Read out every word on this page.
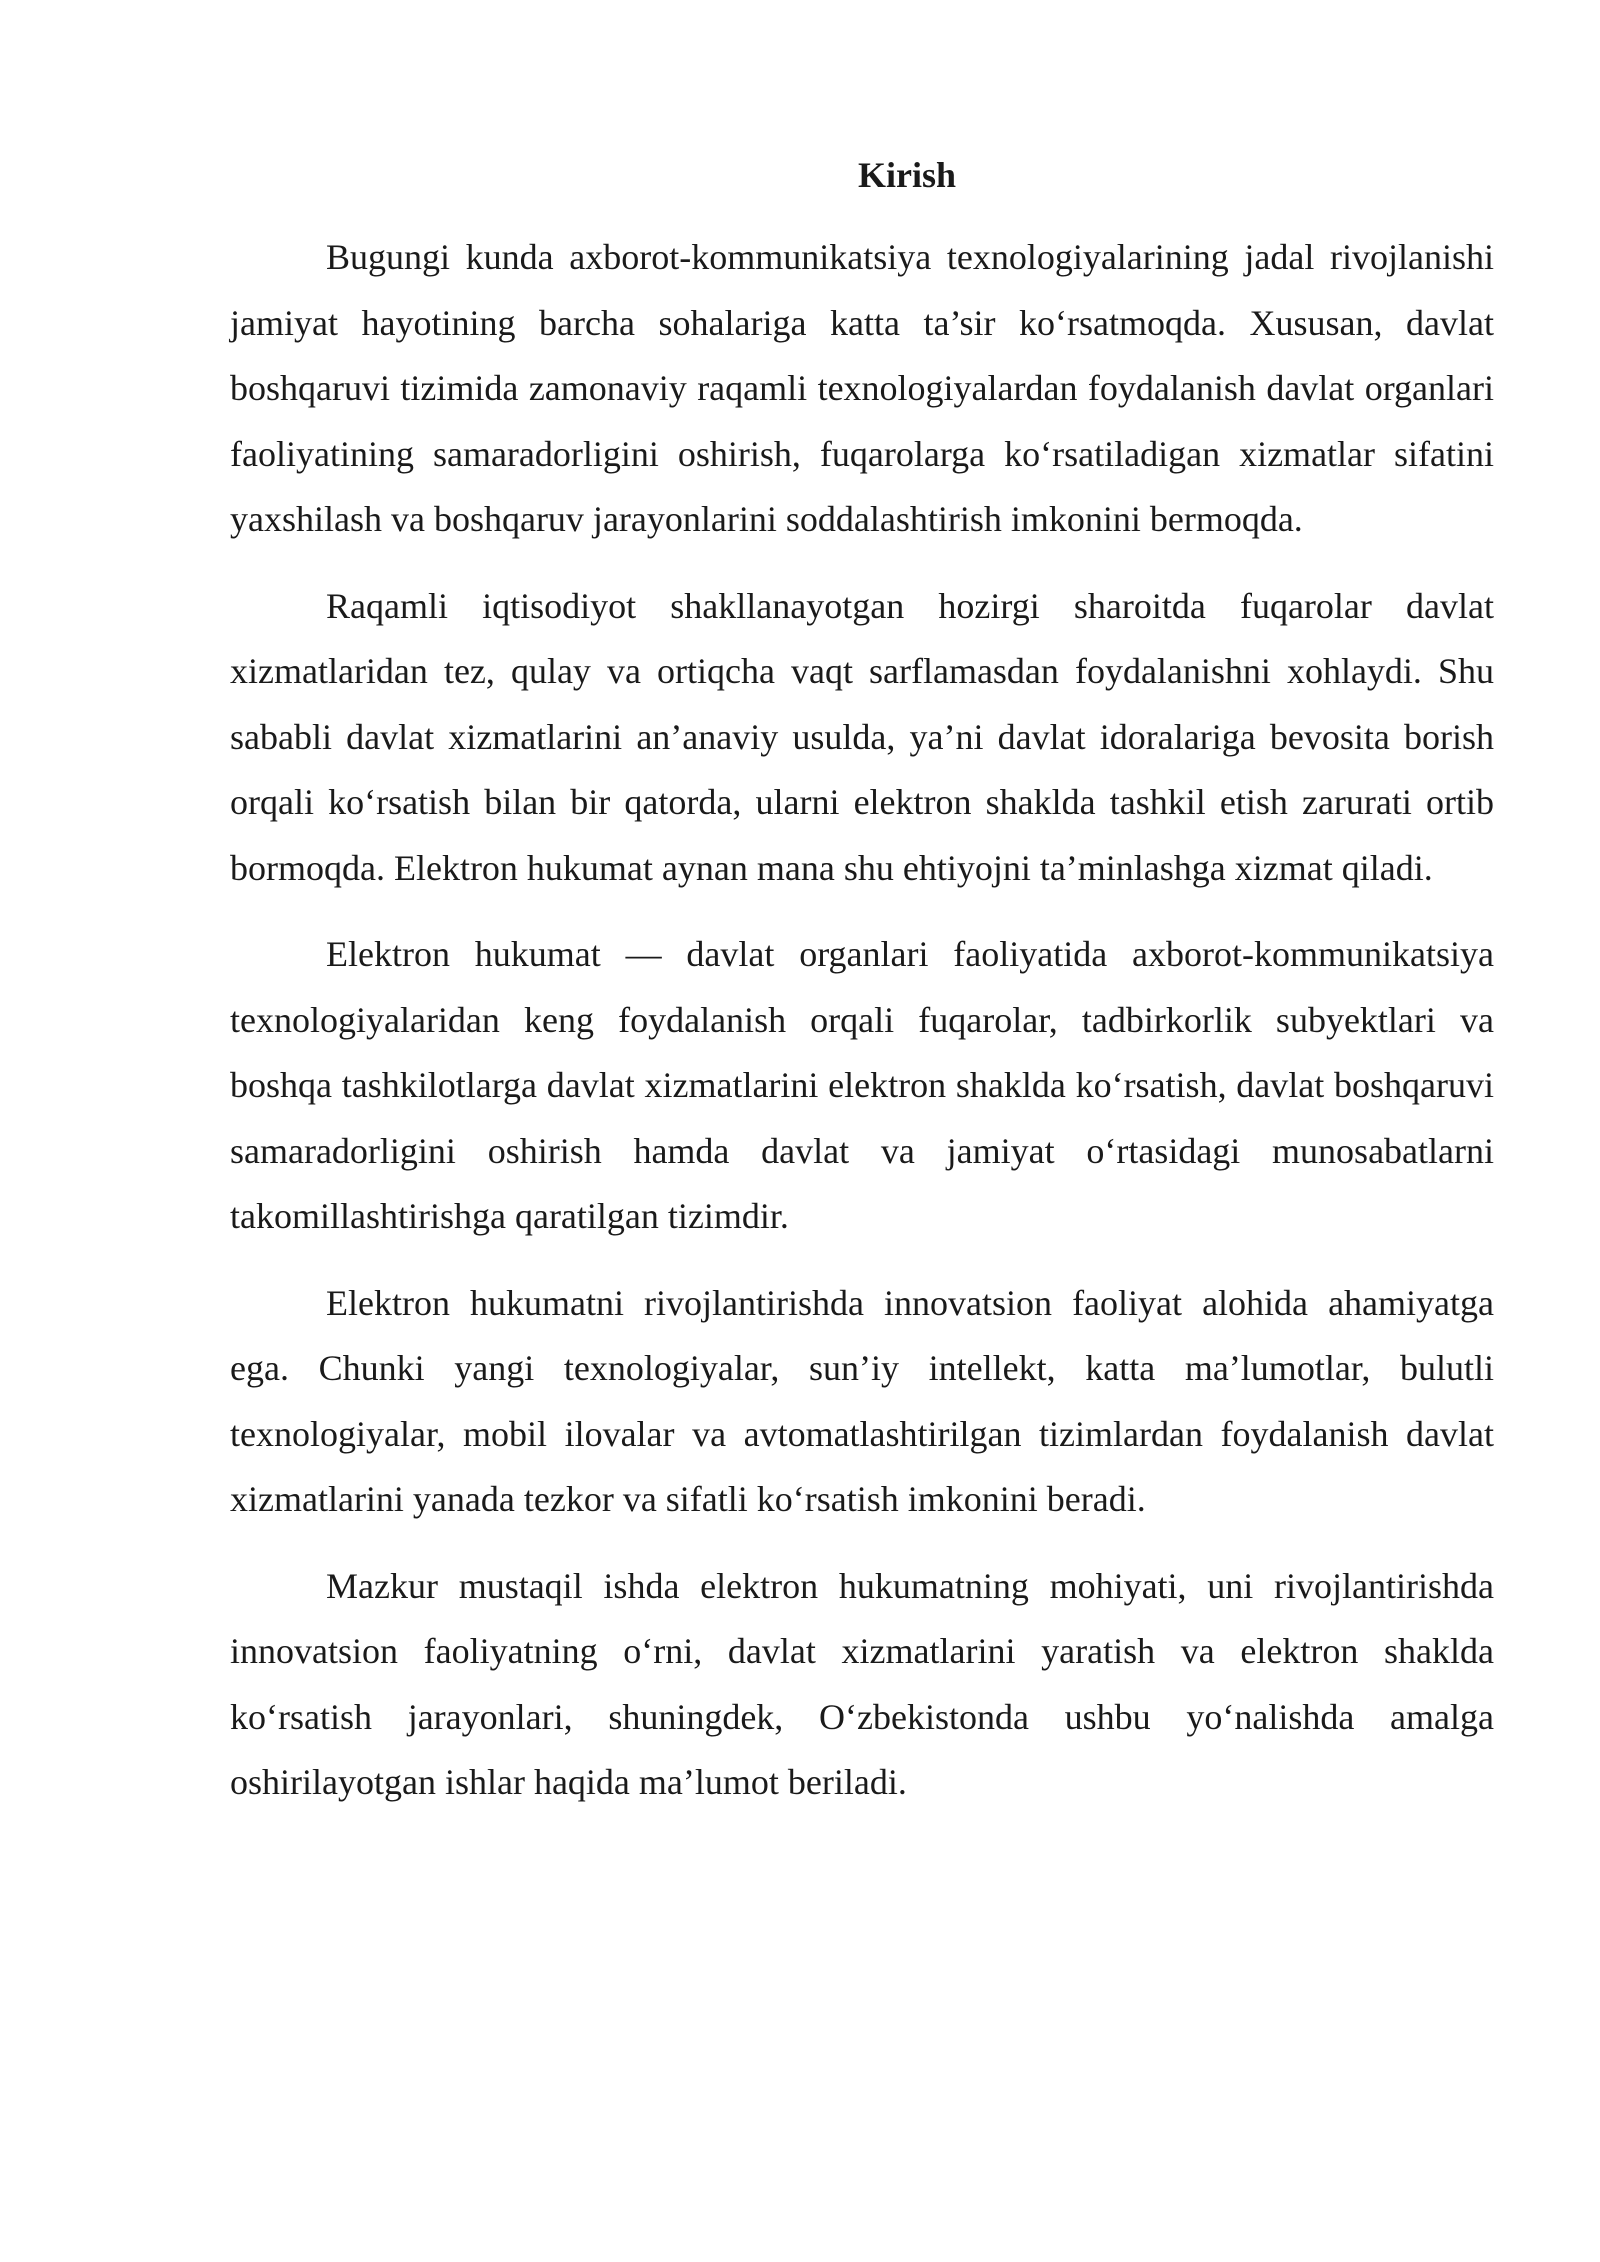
Kirish

Bugungi kunda axborot-kommunikatsiya texnologiyalarining jadal rivojlanishi jamiyat hayotining barcha sohalariga katta ta’sir ko‘rsatmoqda. Xususan, davlat boshqaruvi tizimida zamonaviy raqamli texnologiyalardan foydalanish davlat organlari faoliyatining samaradorligini oshirish, fuqarolarga ko‘rsatiladigan xizmatlar sifatini yaxshilash va boshqaruv jarayonlarini soddalashtirish imkonini bermoqda.

Raqamli iqtisodiyot shakllanayotgan hozirgi sharoitda fuqarolar davlat xizmatlaridan tez, qulay va ortiqcha vaqt sarflamasdan foydalanishni xohlaydi. Shu sababli davlat xizmatlarini an’anaviy usulda, ya’ni davlat idoralariga bevosita borish orqali ko‘rsatish bilan bir qatorda, ularni elektron shaklda tashkil etish zarurati ortib bormoqda. Elektron hukumat aynan mana shu ehtiyojni ta’minlashga xizmat qiladi.

Elektron hukumat — davlat organlari faoliyatida axborot-kommunikatsiya texnologiyalaridan keng foydalanish orqali fuqarolar, tadbirkorlik subyektlari va boshqa tashkilotlarga davlat xizmatlarini elektron shaklda ko‘rsatish, davlat boshqaruvi samaradorligini oshirish hamda davlat va jamiyat o‘rtasidagi munosabatlarni takomillashtirishga qaratilgan tizimdir.

Elektron hukumatni rivojlantirishda innovatsion faoliyat alohida ahamiyatga ega. Chunki yangi texnologiyalar, sun’iy intellekt, katta ma’lumotlar, bulutli texnologiyalar, mobil ilovalar va avtomatlashtirilgan tizimlardan foydalanish davlat xizmatlarini yanada tezkor va sifatli ko‘rsatish imkonini beradi.

Mazkur mustaqil ishda elektron hukumatning mohiyati, uni rivojlantirishda innovatsion faoliyatning o‘rni, davlat xizmatlarini yaratish va elektron shaklda ko‘rsatish jarayonlari, shuningdek, O‘zbekistonda ushbu yo‘nalishda amalga oshirilayotgan ishlar haqida ma’lumot beriladi.
